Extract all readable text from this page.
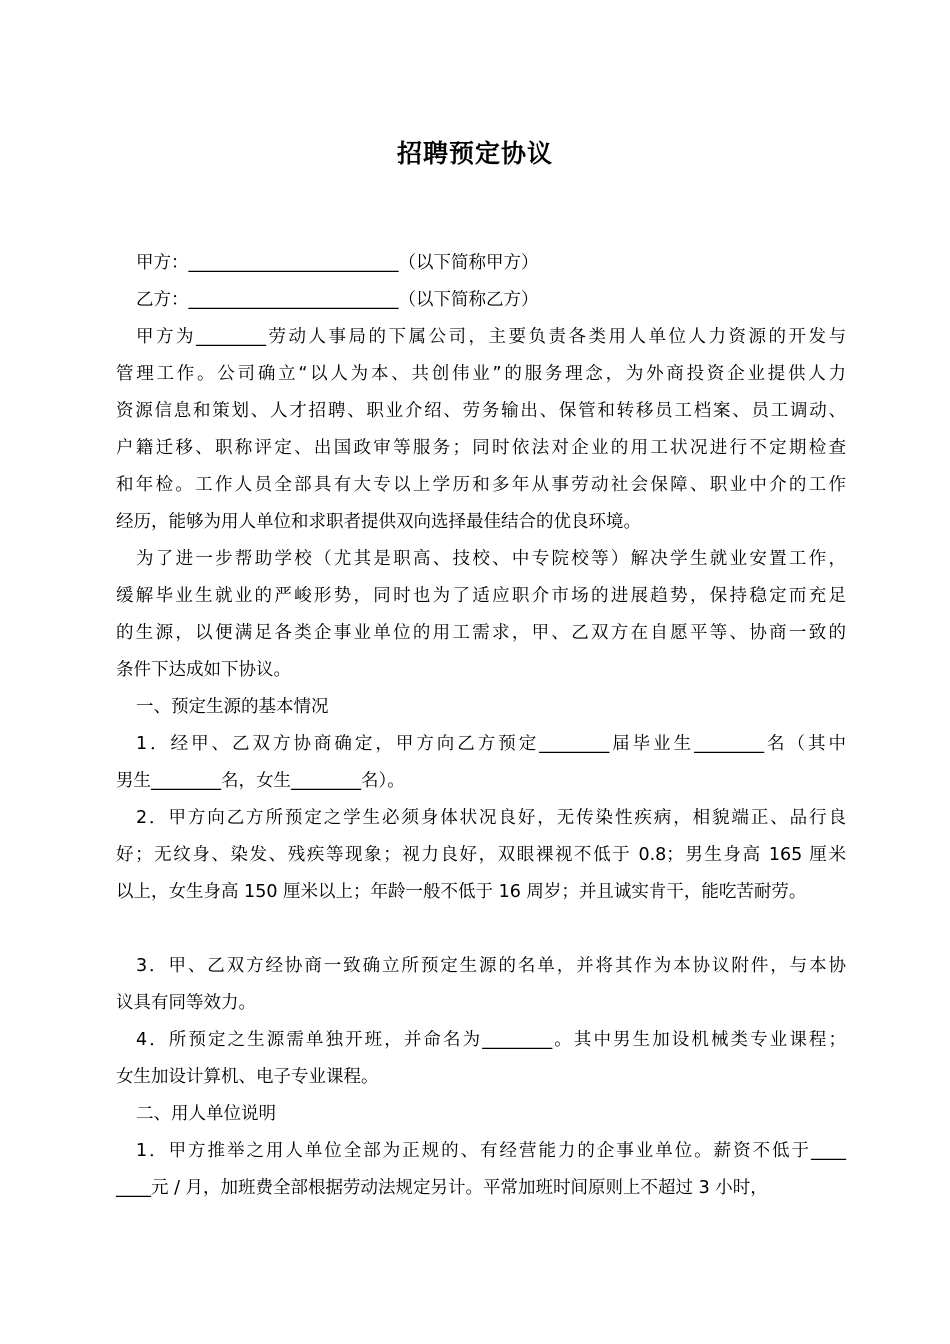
招聘预定协议

甲方：________________________（以下简称甲方）

乙方：________________________（以下简称乙方）

甲方为________劳动人事局的下属公司，主要负责各类用人单位人力资源的开发与

管理工作。公司确立“以人为本、共创伟业”的服务理念，为外商投资企业提供人力

资源信息和策划、人才招聘、职业介绍、劳务输出、保管和转移员工档案、员工调动、

户籍迁移、职称评定、出国政审等服务；同时依法对企业的用工状况进行不定期检查

和年检。工作人员全部具有大专以上学历和多年从事劳动社会保障、职业中介的工作

经历，能够为用人单位和求职者提供双向选择最佳结合的优良环境。

为了进一步帮助学校（尤其是职高、技校、中专院校等）解决学生就业安置工作，

缓解毕业生就业的严峻形势，同时也为了适应职介市场的进展趋势，保持稳定而充足

的生源，以便满足各类企事业单位的用工需求，甲、乙双方在自愿平等、协商一致的

条件下达成如下协议。

一、预定生源的基本情况

1．经甲、乙双方协商确定，甲方向乙方预定________届毕业生________名（其中

男生________名，女生________名）。

2．甲方向乙方所预定之学生必须身体状况良好，无传染性疾病，相貌端正、品行良

好；无纹身、染发、残疾等现象；视力良好，双眼裸视不低于 0.8；男生身高 165 厘米

以上，女生身高 150 厘米以上；年龄一般不低于 16 周岁；并且诚实肯干，能吃苦耐劳。

3．甲、乙双方经协商一致确立所预定生源的名单，并将其作为本协议附件，与本协

议具有同等效力。

4．所预定之生源需单独开班，并命名为________。其中男生加设机械类专业课程；

女生加设计算机、电子专业课程。

二、用人单位说明

1．甲方推举之用人单位全部为正规的、有经营能力的企事业单位。薪资不低于____

____元 / 月，加班费全部根据劳动法规定另计。平常加班时间原则上不超过 3 小时，
